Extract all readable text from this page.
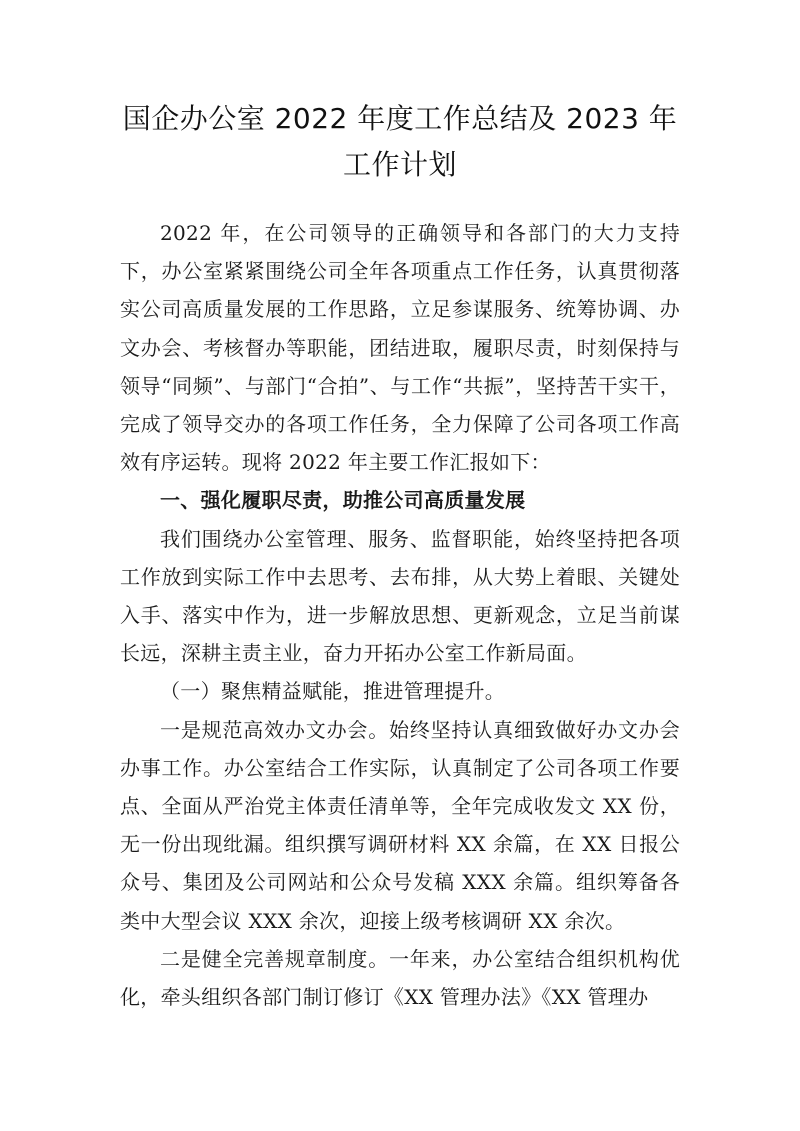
国企办公室 2022 年度工作总结及 2023 年
工作计划

2022 年，在公司领导的正确领导和各部门的大力支持下，办公室紧紧围绕公司全年各项重点工作任务，认真贯彻落实公司高质量发展的工作思路，立足参谋服务、统筹协调、办文办会、考核督办等职能，团结进取，履职尽责，时刻保持与领导“同频”、与部门“合拍”、与工作“共振”，坚持苦干实干，完成了领导交办的各项工作任务，全力保障了公司各项工作高效有序运转。现将 2022 年主要工作汇报如下：

一、强化履职尽责，助推公司高质量发展

我们围绕办公室管理、服务、监督职能，始终坚持把各项工作放到实际工作中去思考、去布排，从大势上着眼、关键处入手、落实中作为，进一步解放思想、更新观念，立足当前谋长远，深耕主责主业，奋力开拓办公室工作新局面。

（一）聚焦精益赋能，推进管理提升。

一是规范高效办文办会。始终坚持认真细致做好办文办会办事工作。办公室结合工作实际，认真制定了公司各项工作要点、全面从严治党主体责任清单等，全年完成收发文 XX 份，无一份出现纰漏。组织撰写调研材料 XX 余篇，在 XX 日报公众号、集团及公司网站和公众号发稿 XXX 余篇。组织筹备各类中大型会议 XXX 余次，迎接上级考核调研 XX 余次。

二是健全完善规章制度。一年来，办公室结合组织机构优化，牵头组织各部门制订修订《XX 管理办法》《XX 管理办
